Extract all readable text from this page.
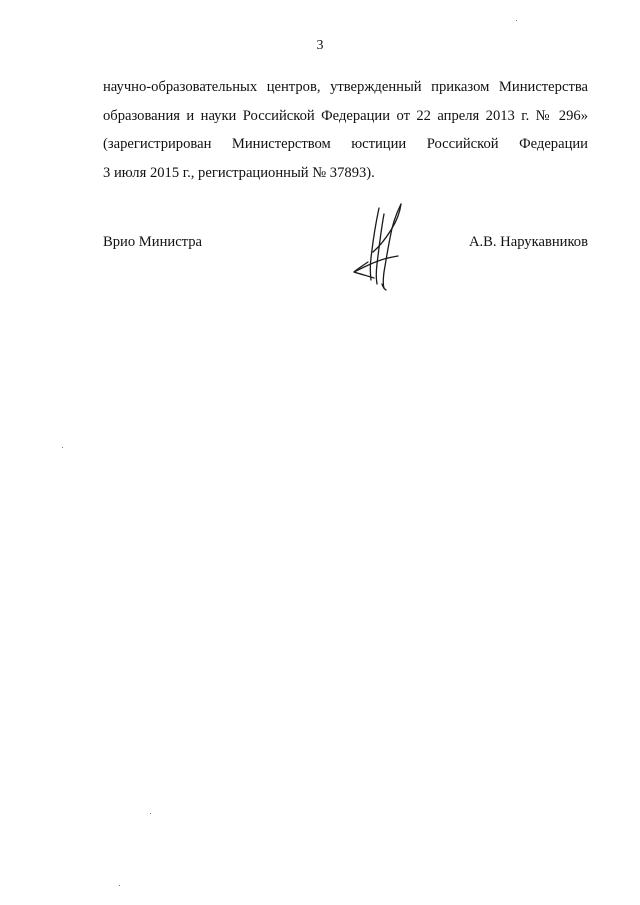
3
научно-образовательных центров, утвержденный приказом Министерства
образования и науки Российской Федерации от 22 апреля 2013 г. № 296»
(зарегистрирован Министерством юстиции Российской Федерации
3 июля 2015 г., регистрационный № 37893).
Врио Министра	А.В. Нарукавников
